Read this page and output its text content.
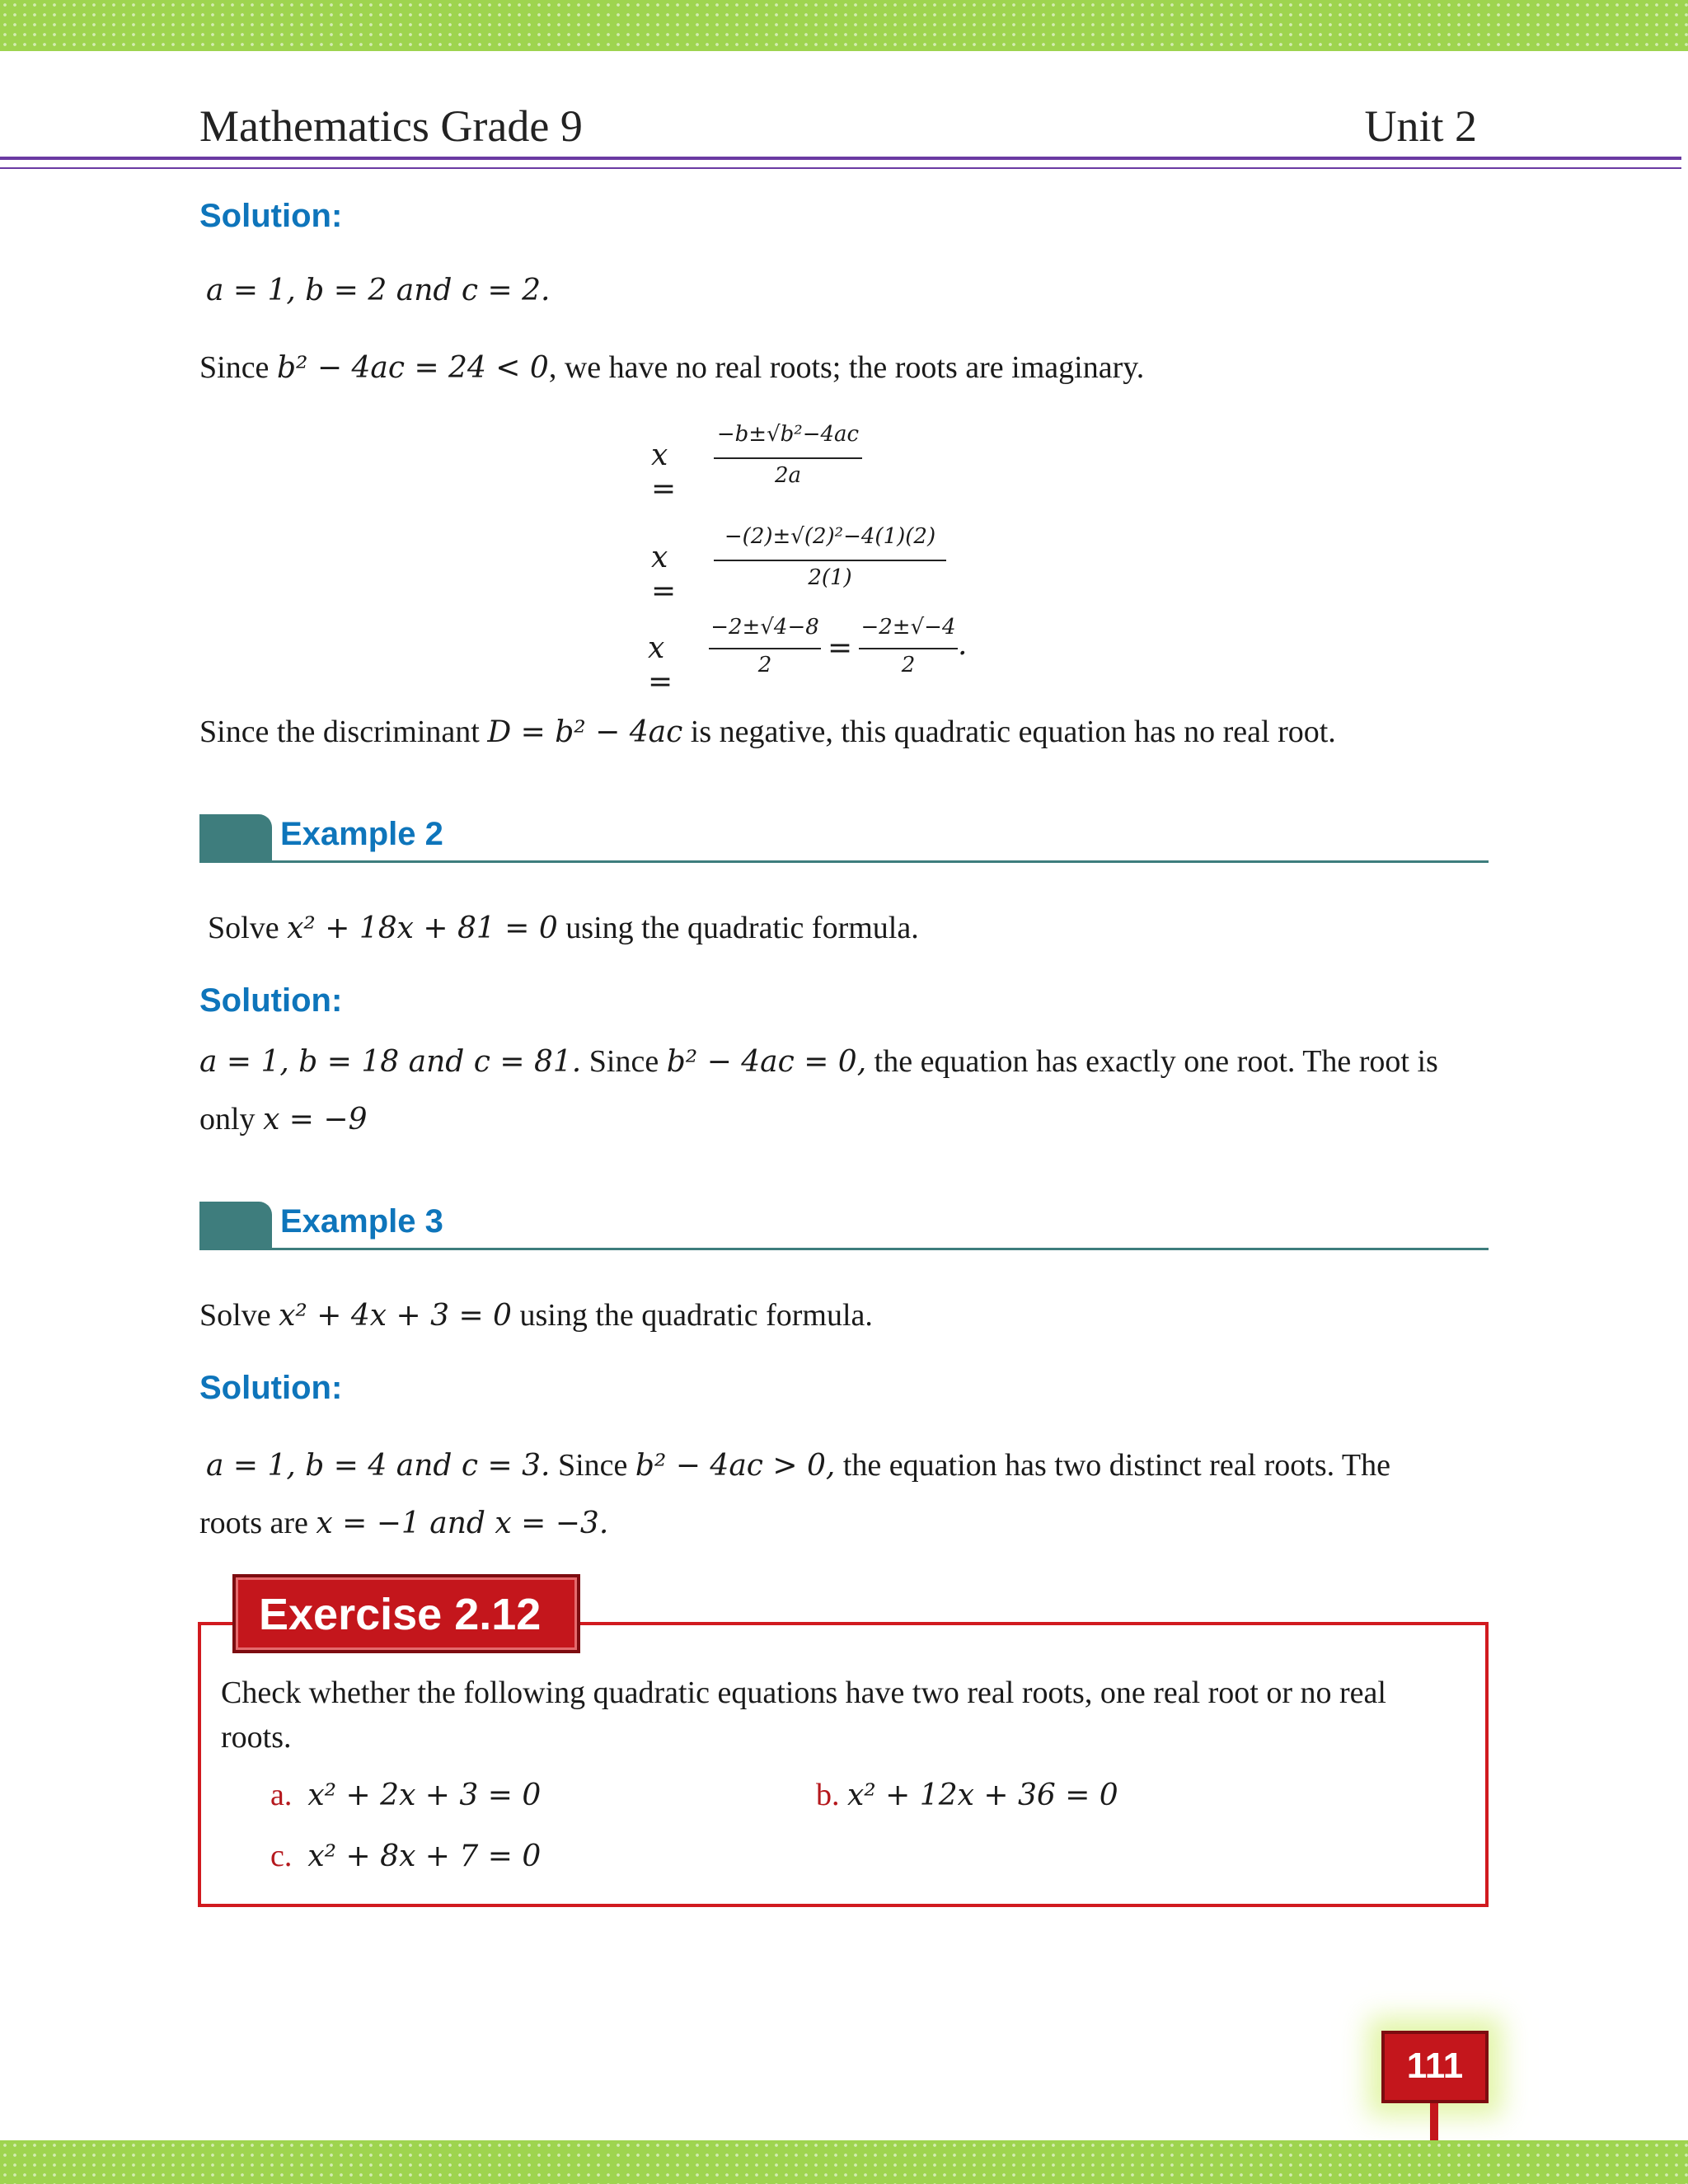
Mathematics Grade 9	Unit 2
Solution:
a = 1, b = 2 and c = 2.
Since b² − 4ac = 24 < 0, we have no real roots; the roots are imaginary.
x =
−b±√b²−4ac
2a
x =
−(2)±√(2)²−4(1)(2)
2(1)
x =
−2±√4−8
2	=
−2±√−4
2
.
Since the discriminant D = b² − 4ac is negative, this quadratic equation has no real root.
Example 2
Solve x² + 18x + 81 = 0 using the quadratic formula.
Solution:
a = 1, b = 18 and c = 81. Since b² − 4ac = 0, the equation has exactly one root. The root is
only x = −9
Example 3
Solve x² + 4x + 3 = 0 using the quadratic formula.
Solution:
a = 1, b = 4 and c = 3. Since b² − 4ac > 0, the equation has two distinct real roots. The
roots are x = −1 and x = −3.
Check whether the following quadratic equations have two real roots, one real root or no real
roots.
a. x² + 2x + 3 = 0	b. x² + 12x + 36 = 0
c. x² + 8x + 7 = 0
Exercise 2.12
111
